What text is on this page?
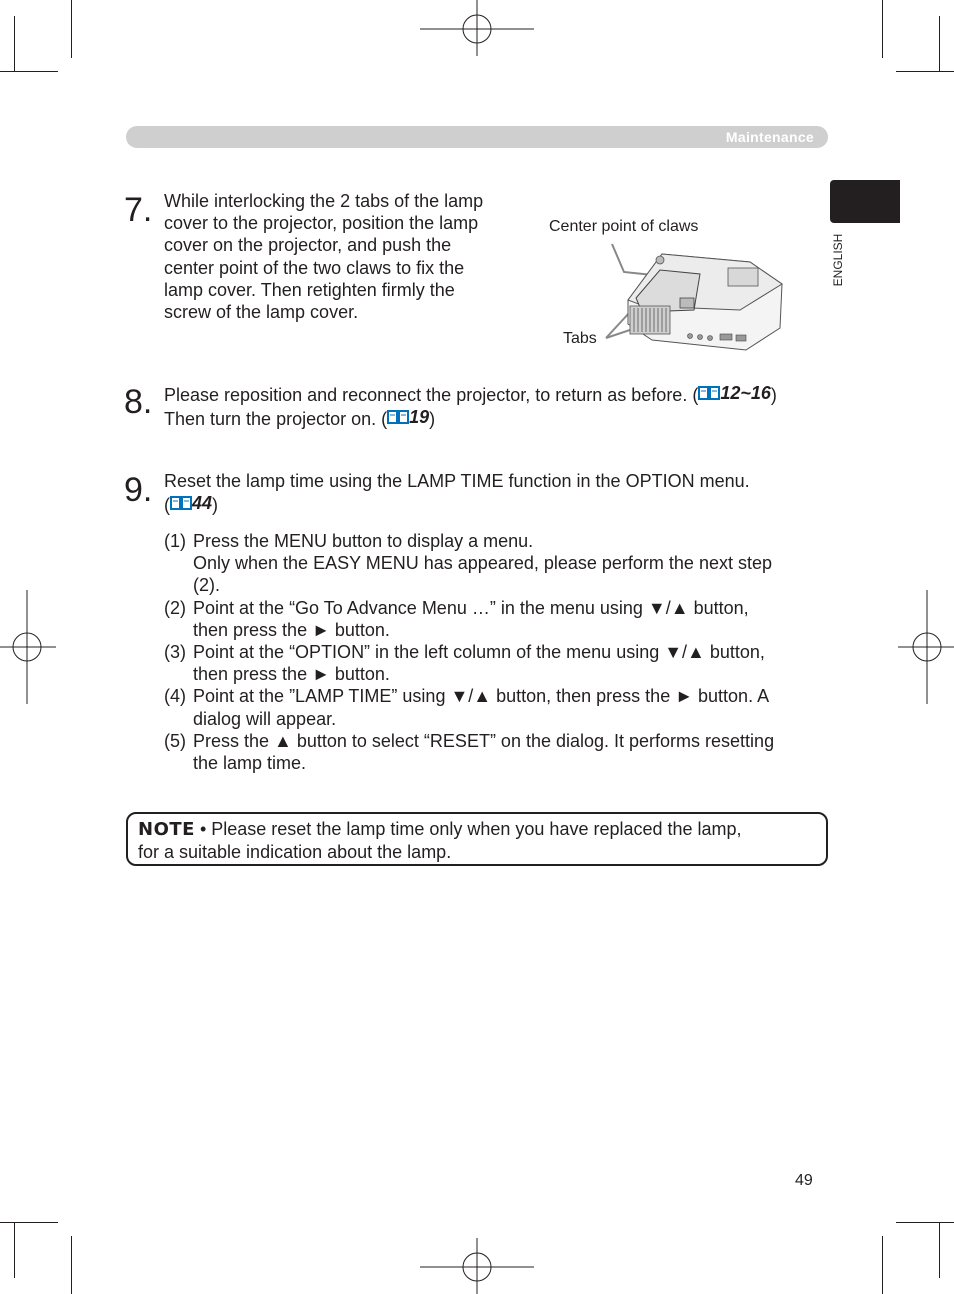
Maintenance
ENGLISH
7. While interlocking the 2 tabs of the lamp

cover to the projector, position the lamp

cover on the projector, and push the

center point of the two claws to fix the

lamp cover. Then retighten firmly the

screw of the lamp cover.

Center point of claws
Tabs
8. Please reposition and reconnect the projector, to return as before. ( 12~16 )

Then turn the projector on. ( 19 )

9. Reset the lamp time using the LAMP TIME function in the OPTION menu.

( 44 )

(1) Press the MENU button to display a menu.

Only when the EASY MENU has appeared, please perform the next step

(2).

(2) Point at the “Go To Advance Menu …” in the menu using ▼/▲ button,

then press the ► button.

(3) Point at the “OPTION” in the left column of the menu using ▼/▲ button,

then press the ► button.

(4) Point at the ”LAMP TIME” using ▼/▲ button, then press the ► button. A

dialog will appear.

(5) Press the ▲ button to select “RESET” on the dialog. It performs resetting

the lamp time.

NOTE • Please reset the lamp time only when you have replaced the lamp,
for a suitable indication about the lamp.
49
